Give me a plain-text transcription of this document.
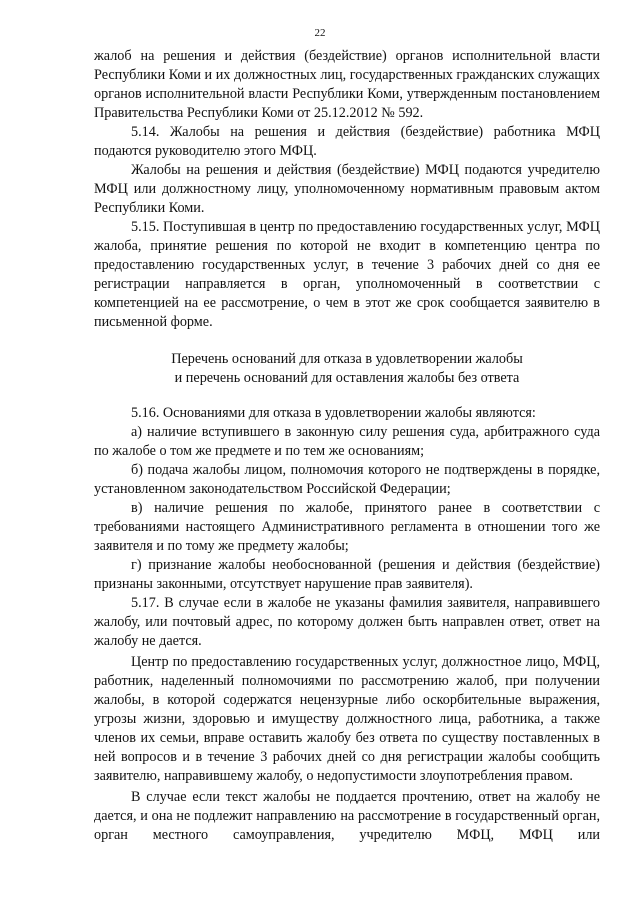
22

жалоб на решения и действия (бездействие) органов исполнительной власти Республики Коми и их должностных лиц, государственных гражданских служащих органов исполнительной власти Республики Коми, утвержденным постановлением Правительства Республики Коми от 25.12.2012 № 592.

5.14. Жалобы на решения и действия (бездействие) работника МФЦ подаются руководителю этого МФЦ.

Жалобы на решения и действия (бездействие) МФЦ подаются учредителю МФЦ или должностному лицу, уполномоченному нормативным правовым актом Республики Коми.

5.15. Поступившая в центр по предоставлению государственных услуг, МФЦ жалоба, принятие решения по которой не входит в компетенцию центра по предоставлению государственных услуг, в течение 3 рабочих дней со дня ее регистрации направляется в орган, уполномоченный в соответствии с компетенцией на ее рассмотрение, о чем в этот же срок сообщается заявителю в письменной форме.

Перечень оснований для отказа в удовлетворении жалобы
и перечень оснований для оставления жалобы без ответа

5.16. Основаниями для отказа в удовлетворении жалобы являются:

а) наличие вступившего в законную силу решения суда, арбитражного суда по жалобе о том же предмете и по тем же основаниям;

б) подача жалобы лицом, полномочия которого не подтверждены в порядке, установленном законодательством Российской Федерации;

в) наличие решения по жалобе, принятого ранее в соответствии с требованиями настоящего Административного регламента в отношении того же заявителя и по тому же предмету жалобы;

г) признание жалобы необоснованной (решения и действия (бездействие) признаны законными, отсутствует нарушение прав заявителя).

5.17. В случае если в жалобе не указаны фамилия заявителя, направившего жалобу, или почтовый адрес, по которому должен быть направлен ответ, ответ на жалобу не дается.

Центр по предоставлению государственных услуг, должностное лицо, МФЦ, работник, наделенный полномочиями по рассмотрению жалоб, при получении жалобы, в которой содержатся нецензурные либо оскорбительные выражения, угрозы жизни, здоровью и имуществу должностного лица, работника, а также членов их семьи, вправе оставить жалобу без ответа по существу поставленных в ней вопросов и в течение 3 рабочих дней со дня регистрации жалобы сообщить заявителю, направившему жалобу, о недопустимости злоупотребления правом.

В случае если текст жалобы не поддается прочтению, ответ на жалобу не дается, и она не подлежит направлению на рассмотрение в государственный орган, орган местного самоуправления, учредителю МФЦ, МФЦ или
